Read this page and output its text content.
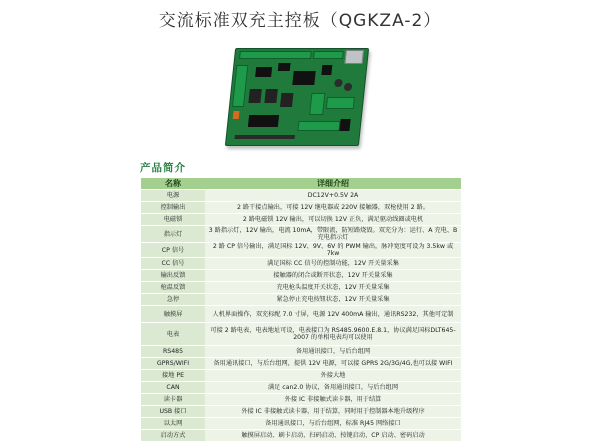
交流标准双充主控板（QGKZA-2）
产品简介
名称	详细介绍
电源	DC12V+0.5V 2A
控制输出	2 路干接点输出，可接 12V 继电器或 220V 接触器，双枪使用 2 路。
电磁锁	2 路电磁锁 12V 输出，可以切换 12V 正负，满足驱动线圈或电机
指示灯	3 路指示灯，12V 输出，电流 10mA，带限流，防短路烧毁。双充分为：运行、A 充电、B 充电指示灯
CP 信号	2 路 CP 信号输出，满足国标 12V、9V、6V 的 PWM 输出，脉冲宽度可设为 3.5kw 或 7kw
CC 信号	满足国标 CC 信号的控制功能，12V 开关量采集
输出反馈	接触器的闭合或断开状态，12V 开关量采集
枪温反馈	充电枪头温度开关状态，12V 开关量采集
急停	紧急停止充电按钮状态，12V 开关量采集
触摸屏	人机界面操作，双充标配 7.0 寸屏，电源 12V 400mA 输出，通讯RS232，其他可定制
电表	可接 2 路电表，电表地址可设，电表接口为 RS485.9600.E.8.1，协议满足国标DLT645-2007 的单相电表均可以使用
RS485	备用通讯接口，与后台组网
GPRS/WIFI	备用通讯接口，与后台组网，提供 12V 电源，可以接 GPRS 2G/3G/4G,也可以接 WIFI
接地 PE	外接大地
CAN	满足 can2.0 协议，备用通讯接口，与后台组网
读卡器	外接 IC 非接触式读卡器，用于结算
USB 接口	外接 IC 非接触式读卡器，用于结算，同时用于控制器本地升级程序
以太网	备用通讯接口，与后台组网，标准 RJ45 网络接口
启动方式	触摸屏启动、刷卡启动、扫码启动、按键启动、CP 启动、密码启动
